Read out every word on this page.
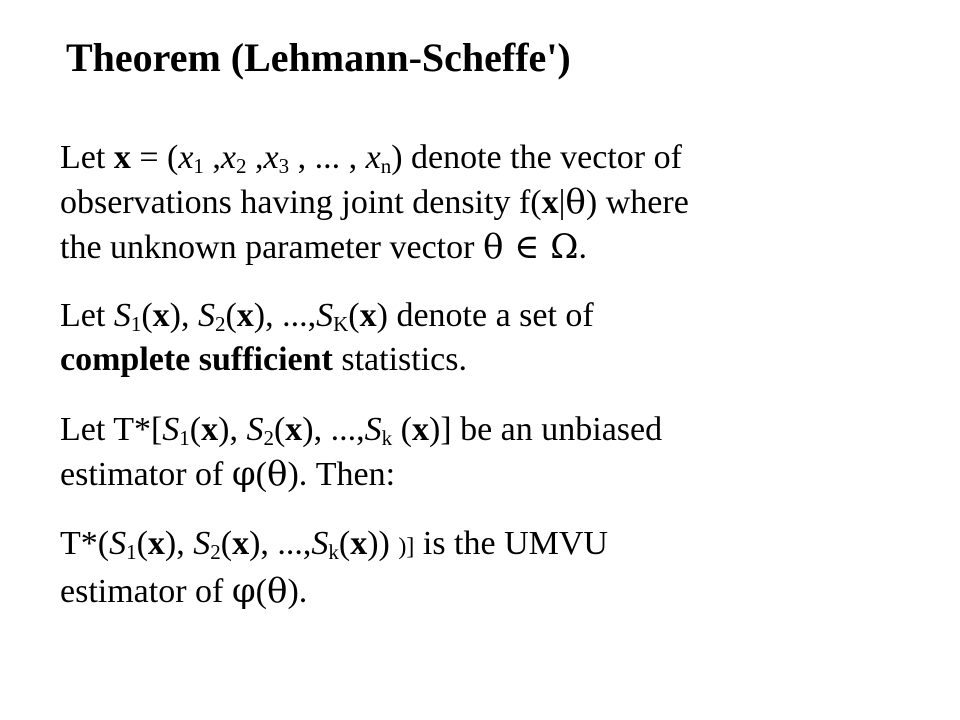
Theorem (Lehmann-Scheffe')

Let $x = (x_1$ $,x_2$ $,x_3$ , ... , $x_n$) denote the vector of
observations having joint density f(x|θ) where
the unknown parameter vector θ ∈ Ω.

Let $S_1(x)$, $S_2(x)$, $...,S_K(x)$ denote a set of
complete sufficient statistics.

Let $T*[S_1(x)$, $S_2(x)$, $...,S_k$ (x)] be an unbiased
estimator of φ(θ). Then:

$T*(S_1(x)$, $S_2(x)$, $...,S_k(x)$) )] is the UMVU
estimator of φ(θ).
